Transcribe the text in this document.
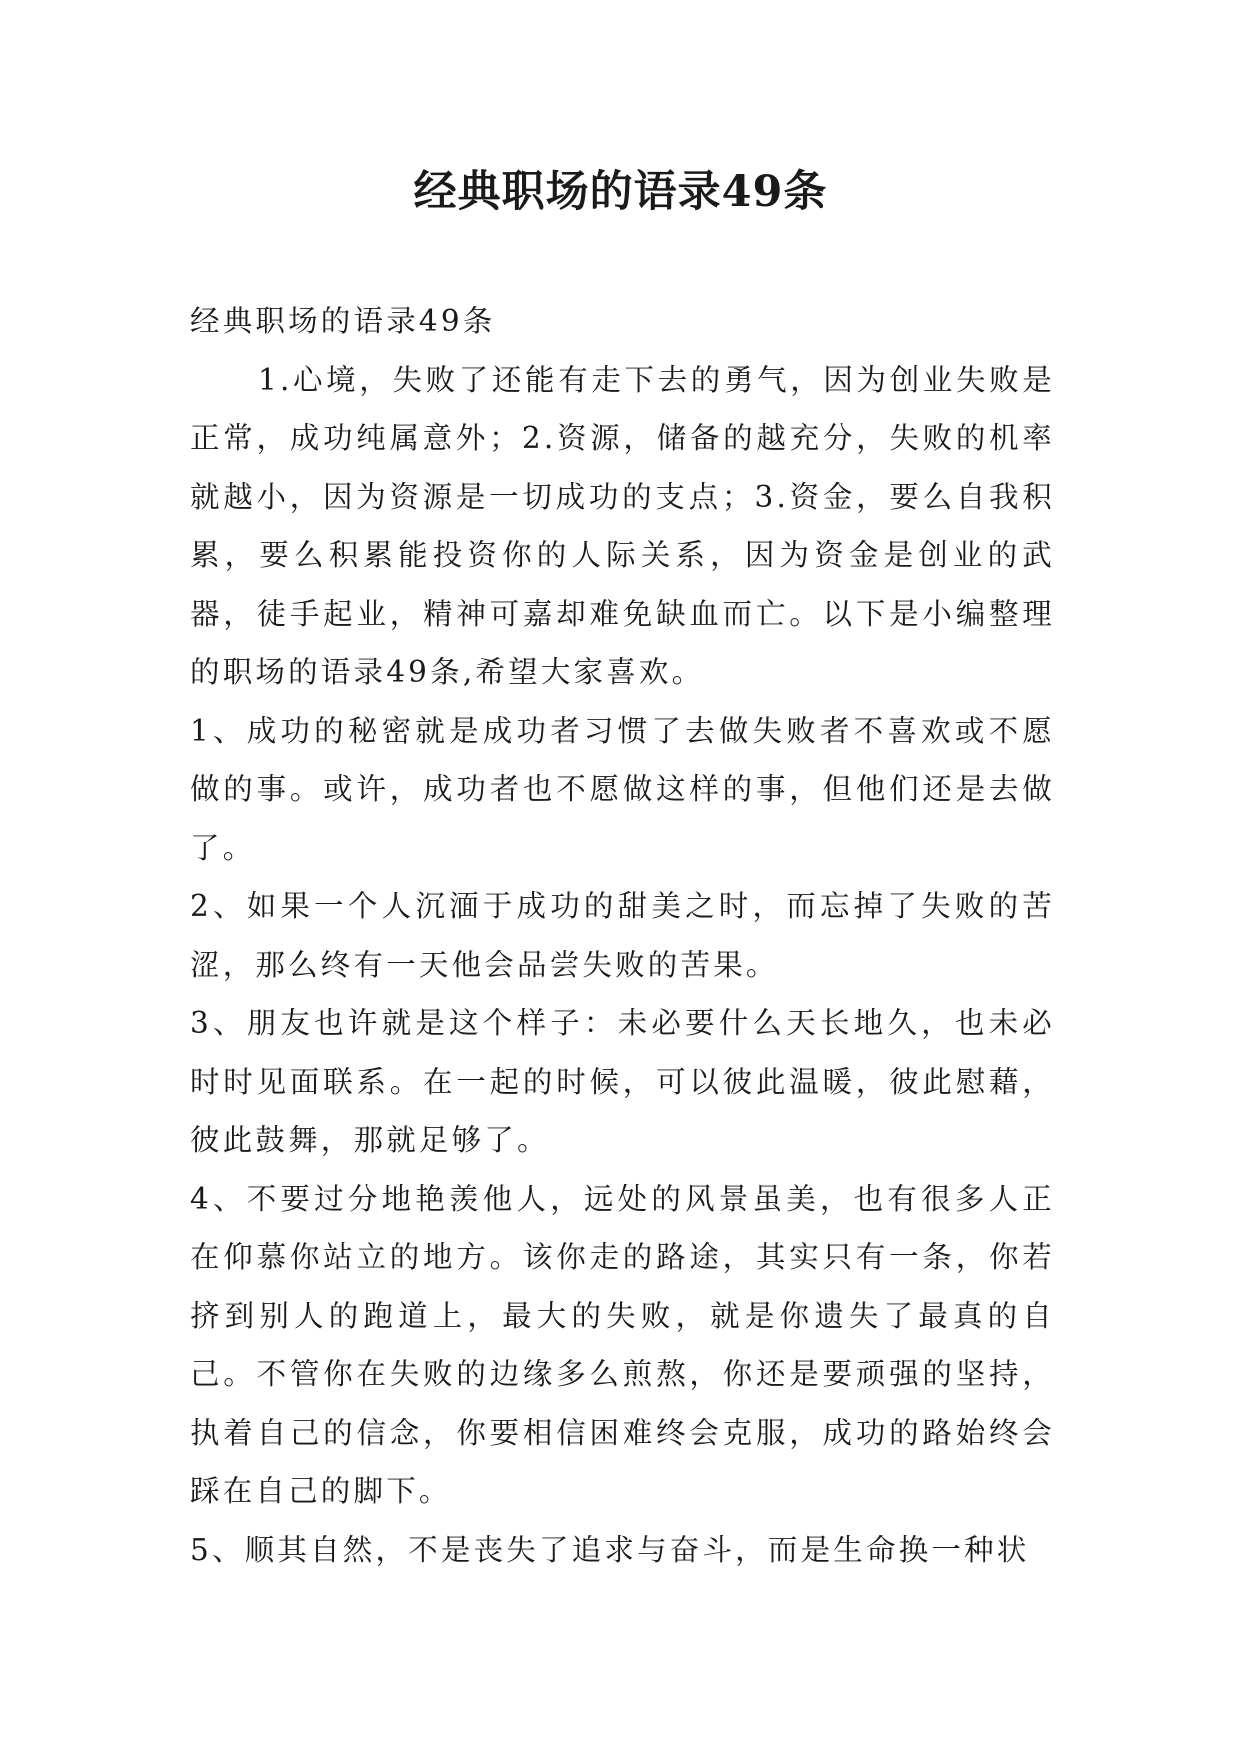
经典职场的语录49条

经典职场的语录49条

1.心境，失败了还能有走下去的勇气，因为创业失败是正常，成功纯属意外；2.资源，储备的越充分，失败的机率就越小，因为资源是一切成功的支点；3.资金，要么自我积累，要么积累能投资你的人际关系，因为资金是创业的武器，徒手起业，精神可嘉却难免缺血而亡。以下是小编整理的职场的语录49条,希望大家喜欢。

1、成功的秘密就是成功者习惯了去做失败者不喜欢或不愿做的事。或许，成功者也不愿做这样的事，但他们还是去做了。

2、如果一个人沉湎于成功的甜美之时，而忘掉了失败的苦涩，那么终有一天他会品尝失败的苦果。

3、朋友也许就是这个样子：未必要什么天长地久，也未必时时见面联系。在一起的时候，可以彼此温暖，彼此慰藉，彼此鼓舞，那就足够了。

4、不要过分地艳羡他人，远处的风景虽美，也有很多人正在仰慕你站立的地方。该你走的路途，其实只有一条，你若挤到别人的跑道上，最大的失败，就是你遗失了最真的自己。不管你在失败的边缘多么煎熬，你还是要顽强的坚持，执着自己的信念，你要相信困难终会克服，成功的路始终会踩在自己的脚下。

5、顺其自然，不是丧失了追求与奋斗，而是生命换一种状
